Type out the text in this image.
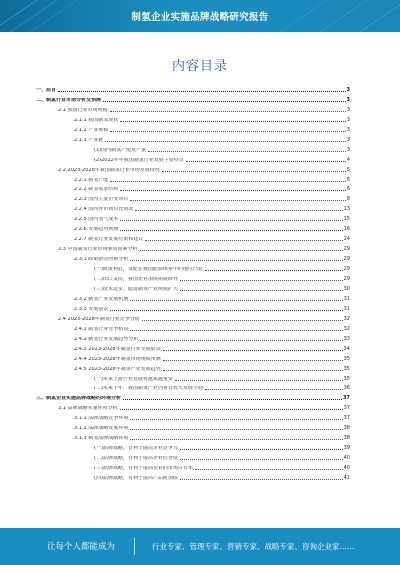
制氢企业实施品牌战略研究报告
内容目录
一、前言	3
二、制氢行业市场分析及预测	3
2.1 我国行业市场规模	3
2.1.1 我国制氢现状	3
2.1.2 产业规模	3
2.1.3 产业链	3
(1)国内制氢产能及产量	3
(2)2022年年我国制氢行业发展主要特点	4
2.2 2023-2028年我国制氢行业市场发展情况	5
2.2.1 制氢产能	6
2.2.2 制氢需求结构	6
2.2.3 国内主要企业项目	8
2.2.4 国内外市场对比情况	13
2.2.5 国内氢气成本	15
2.2.6 发展趋势预测	16
2.2.7 制氢行业发展对策和建议	24
2.3 中国制氢行业市场驱动因素分析	29
2.3.1 政策驱动因素分析	29
(一)政策利好，氢能在我国能源体系中的地位凸显	29
(二)出口支持，我国企业加快拓展海外	29
(三)技术进步，促进制氢产业规模扩大	30
2.3.2 制氢产业发展机遇	31
2.3.3 发展前景	31
2.4 2023-2028年制氢行业竞争分析	32
2.4.1 制氢行业竞争格局	32
2.4.2 制氢行业发展趋势分析	33
2.4.3 2023-2028年制氢行业发展前景	34
2.4.4 2023-2028年制氢市场规模预测	35
2.4.5 2023-2028年制氢产业发展趋势	35
(一)未来上游行业发展将越来越重要	35
(二)未来十年，我国制氢产业仍将有较大发展空间	36
三、制氢企业实施品牌战略的环境分析	37
3.1 品牌战略实施环境分析	37
3.1.1 品牌战略竞争环境	37
3.1.2 品牌战略发展环境	38
3.1.3 制氢品牌战略环境	38
(一)品牌战略，有利于提高企业竞争力	39
(二)品牌战略，有利于提高企业信誉度	40
(三)品牌战略，有利于提高企业的市场占有率	40
(四)品牌战略，有利于提高产品附加值	41
让每个人都能成为	行业专家、管理专家、营销专家、战略专家、咨询企业家……
